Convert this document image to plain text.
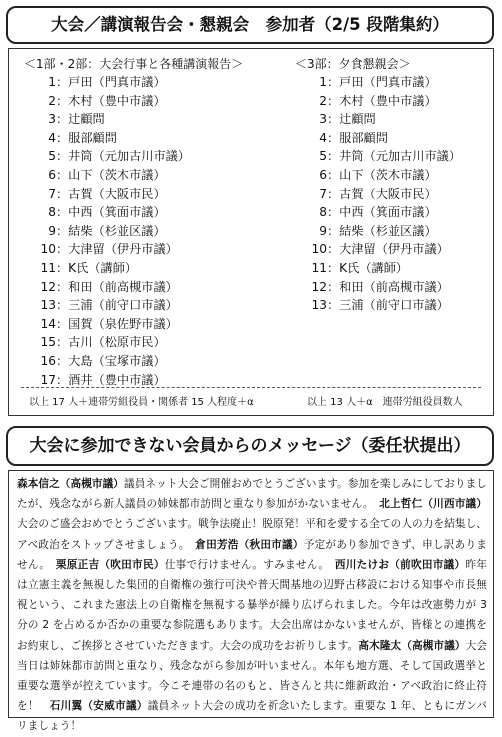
大会／講演報告会・懇親会　参加者（2/5 段階集約）
＜1部・2部：大会行事と各種講演報告＞
1：戸田（門真市議）
2：木村（豊中市議）
3：辻顧問
4：服部顧問
5：井筒（元加古川市議）
6：山下（茨木市議）
7：古賀（大阪市民）
8：中西（箕面市議）
9：結柴（杉並区議）
10：大津留（伊丹市議）
11：K氏（講師）
12：和田（前高槻市議）
13：三浦（前守口市議）
14：国賀（泉佐野市議）
15：古川（松原市民）
16：大島（宝塚市議）
17：酒井（豊中市議）
＜3部：夕食懇親会＞
1：戸田（門真市議）
2：木村（豊中市議）
3：辻顧問
4：服部顧問
5：井筒（元加古川市議）
6：山下（茨木市議）
7：古賀（大阪市民）
8：中西（箕面市議）
9：結柴（杉並区議）
10：大津留（伊丹市議）
11：K氏（講師）
12：和田（前高槻市議）
13：三浦（前守口市議）
以上 17 人＋連帯労組役員・関係者 15 人程度＋α	以上 13 人＋α　連帯労組役員数人
大会に参加できない会員からのメッセージ（委任状提出）

森本信之（高槻市議）議員ネット大会ご開催おめでとうございます。参加を楽しみにしておりましたが、残念ながら新人議員の姉妹都市訪問と重なり参加がかないません。　北上哲仁（川西市議）大会のご盛会おめでとうございます。戦争法廃止！脱原発！平和を愛する全ての人の力を結集し、アベ政治をストップさせましょう。　倉田芳浩（秋田市議）予定があり参加できず、申し訳ありません。　栗原正吉（吹田市民）仕事で行けません。すみません。　西川たけお（前吹田市議）昨年は立憲主義を無視した集団的自衛権の強行可決や普天間基地の辺野古移設における知事や市長無視という、これまた憲法上の自衛権を無視する暴挙が繰り広げられました。今年は改憲勢力が 3 分の 2 を占めるか否かの重要な参院選もあります。大会出席はかないませんが、皆様との連携をお約束し、ご挨拶とさせていただきます。大会の成功をお祈りします。高木隆太（高槻市議）大会当日は姉妹都市訪問と重なり、残念ながら参加が叶いません。本年も地方選、そして国政選挙と重要な選挙が控えています。今こそ連帯の名のもと、皆さんと共に維新政治・アベ政治に終止符を！　石川翼（安威市議）議員ネット大会の成功を祈念いたします。重要な 1 年、ともにガンバリましょう！
